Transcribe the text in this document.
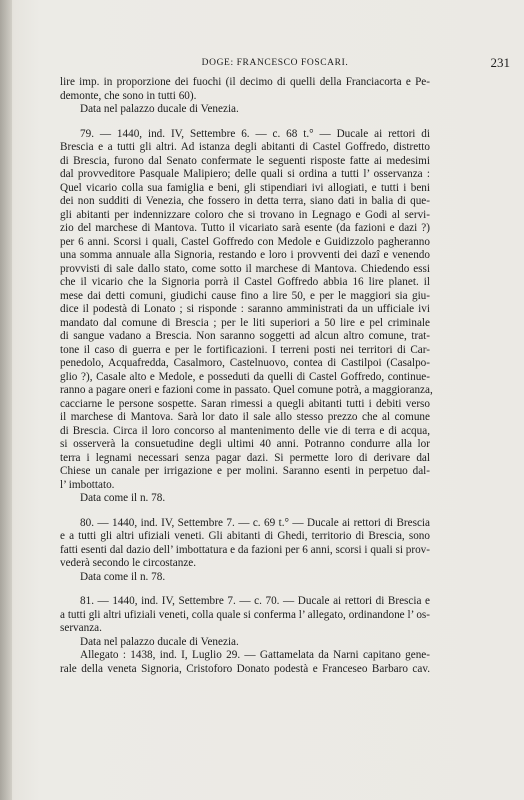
DOGE: FRANCESCO FOSCARI.	231
lire imp. in proporzione dei fuochi (il decimo di quelli della Franciacorta e Pe-
demonte, che sono in tutti 60).
Data nel palazzo ducale di Venezia.
79. — 1440, ind. IV, Settembre 6. — c. 68 t.° — Ducale ai rettori di
Brescia e a tutti gli altri. Ad istanza degli abitanti di Castel Goffredo, distretto
di Brescia, furono dal Senato confermate le seguenti risposte fatte ai medesimi
dal provveditore Pasquale Malipiero; delle quali si ordina a tutti l’ osservanza :
Quel vicario colla sua famiglia e beni, gli stipendiari ivi allogiati, e tutti i beni
dei non sudditi di Venezia, che fossero in detta terra, siano dati in balia di que-
gli abitanti per indennizzare coloro che si trovano in Legnago e Godi al servi-
zio del marchese di Mantova. Tutto il vicariato sarà esente (da fazioni e dazi ?)
per 6 anni. Scorsi i quali, Castel Goffredo con Medole e Guidizzolo pagheranno
una somma annuale alla Signoria, restando e loro i provventi dei dazî e venendo
provvisti di sale dallo stato, come sotto il marchese di Mantova. Chiedendo essi
che il vicario che la Signoria porrà il Castel Goffredo abbia 16 lire planet. il
mese dai detti comuni, giudichi cause fino a lire 50, e per le maggiori sia giu-
dice il podestà di Lonato ; si risponde : saranno amministrati da un ufficiale ivi
mandato dal comune di Brescia ; per le liti superiori a 50 lire e pel criminale
di sangue vadano a Brescia. Non saranno soggetti ad alcun altro comune, trat-
tone il caso di guerra e per le fortificazioni. I terreni posti nei territori di Car-
penedolo, Acquafredda, Casalmoro, Castelnuovo, contea di Castilpoi (Casalpo-
glio ?), Casale alto e Medole, e posseduti da quelli di Castel Goffredo, continue-
ranno a pagare oneri e fazioni come in passato. Quel comune potrà, a maggioranza,
cacciarne le persone sospette. Saran rimessi a quegli abitanti tutti i debiti verso
il marchese di Mantova. Sarà lor dato il sale allo stesso prezzo che al comune
di Brescia. Circa il loro concorso al mantenimento delle vie di terra e di acqua,
si osserverà la consuetudine degli ultimi 40 anni. Potranno condurre alla lor
terra i legnami necessari senza pagar dazi. Si permette loro di derivare dal
Chiese un canale per irrigazione e per molini. Saranno esenti in perpetuo dal-
l’ imbottato.
Data come il n. 78.
80. — 1440, ind. IV, Settembre 7. — c. 69 t.° — Ducale ai rettori di Brescia
e a tutti gli altri ufiziali veneti. Gli abitanti di Ghedi, territorio di Brescia, sono
fatti esenti dal dazio dell’ imbottatura e da fazioni per 6 anni, scorsi i quali si prov-
vederà secondo le circostanze.
Data come il n. 78.
81. — 1440, ind. IV, Settembre 7. — c. 70. — Ducale ai rettori di Brescia e
a tutti gli altri ufiziali veneti, colla quale si conferma l’ allegato, ordinandone l’ os-
servanza.
Data nel palazzo ducale di Venezia.
Allegato : 1438, ind. I, Luglio 29. — Gattamelata da Narni capitano gene-
rale della veneta Signoria, Cristoforo Donato podestà e Franceseo Barbaro cav.
